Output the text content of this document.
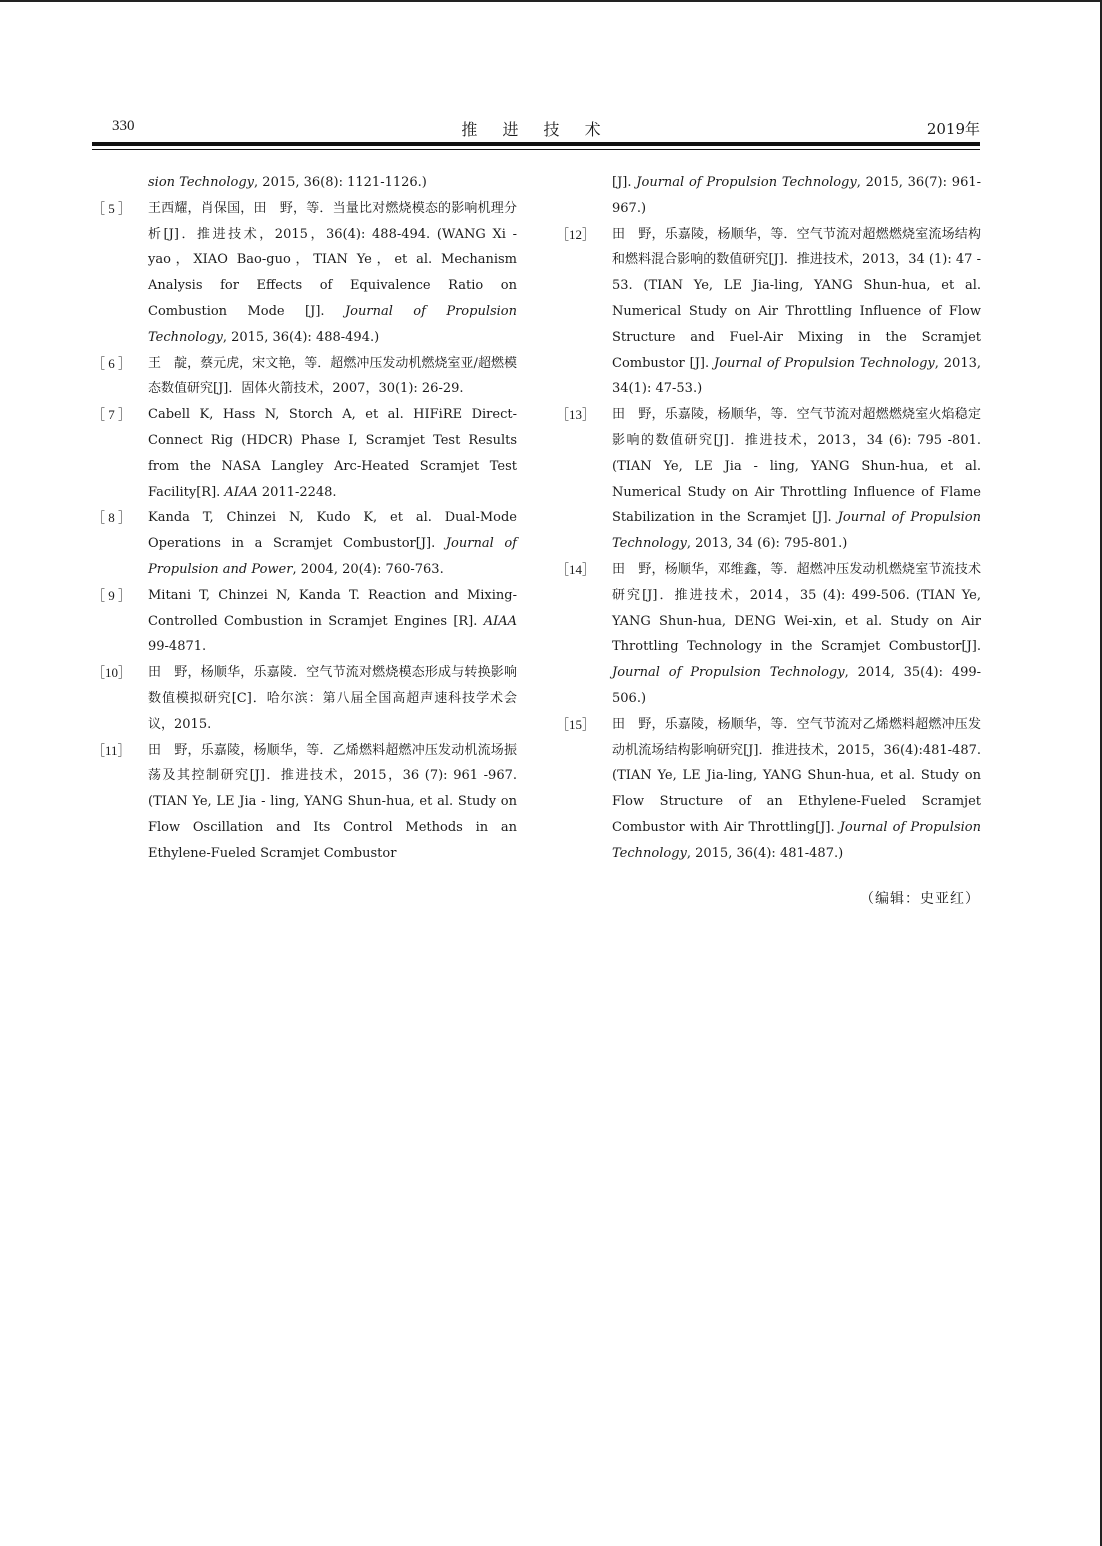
330	推 进 技 术	2019年
sion Technology, 2015, 36(8): 1121-1126.)
［ 5 ］	王西耀，肖保国，田　野，等．当量比对燃烧模态的影响机理分析[J]．推进技术，2015，36(4): 488-494. (WANG Xi - yao，XIAO Bao-guo，TIAN Ye，et al. Mechanism Analysis for Effects of Equivalence Ratio on Combustion Mode [J]. Journal of Propulsion Technology, 2015, 36(4): 488-494.)
［ 6 ］	王　靛，蔡元虎，宋文艳，等．超燃冲压发动机燃烧室亚/超燃模态数值研究[J]．固体火箭技术，2007，30(1): 26-29.
［ 7 ］	Cabell K, Hass N, Storch A, et al. HIFiRE Direct-Connect Rig (HDCR) Phase I, Scramjet Test Results from the NASA Langley Arc-Heated Scramjet Test Facility[R]. AIAA 2011-2248.
［ 8 ］	Kanda T, Chinzei N, Kudo K, et al. Dual-Mode Operations in a Scramjet Combustor[J]. Journal of Propulsion and Power, 2004, 20(4): 760-763.
［ 9 ］	Mitani T, Chinzei N, Kanda T. Reaction and Mixing-Controlled Combustion in Scramjet Engines [R]. AIAA 99-4871.
［10］	田　野，杨顺华，乐嘉陵．空气节流对燃烧模态形成与转换影响数值模拟研究[C]．哈尔滨：第八届全国高超声速科技学术会议，2015.
［11］	田　野，乐嘉陵，杨顺华，等．乙烯燃料超燃冲压发动机流场振荡及其控制研究[J]．推进技术，2015，36 (7): 961 -967. (TIAN Ye, LE Jia - ling, YANG Shun-hua, et al. Study on Flow Oscillation and Its Control Methods in an Ethylene-Fueled Scramjet Combustor
[J]. Journal of Propulsion Technology, 2015, 36(7): 961-967.)
［12］	田　野，乐嘉陵，杨顺华，等．空气节流对超燃燃烧室流场结构和燃料混合影响的数值研究[J]．推进技术，2013，34 (1): 47 - 53. (TIAN Ye, LE Jia-ling, YANG Shun-hua, et al. Numerical Study on Air Throttling Influence of Flow Structure and Fuel-Air Mixing in the Scramjet Combustor [J]. Journal of Propulsion Technology, 2013, 34(1): 47-53.)
［13］	田　野，乐嘉陵，杨顺华，等．空气节流对超燃燃烧室火焰稳定影响的数值研究[J]．推进技术，2013，34 (6): 795 -801. (TIAN Ye, LE Jia - ling, YANG Shun-hua, et al. Numerical Study on Air Throttling Influence of Flame Stabilization in the Scramjet [J]. Journal of Propulsion Technology, 2013, 34 (6): 795-801.)
［14］	田　野，杨顺华，邓维鑫，等．超燃冲压发动机燃烧室节流技术研究[J]．推进技术，2014，35 (4): 499-506. (TIAN Ye, YANG Shun-hua, DENG Wei-xin, et al. Study on Air Throttling Technology in the Scramjet Combustor[J]. Journal of Propulsion Technology, 2014, 35(4): 499-506.)
［15］	田　野，乐嘉陵，杨顺华，等．空气节流对乙烯燃料超燃冲压发动机流场结构影响研究[J]．推进技术，2015，36(4):481-487. (TIAN Ye, LE Jia-ling, YANG Shun-hua, et al. Study on Flow Structure of an Ethylene-Fueled Scramjet Combustor with Air Throttling[J]. Journal of Propulsion Technology, 2015, 36(4): 481-487.)
（编辑：史亚红）
